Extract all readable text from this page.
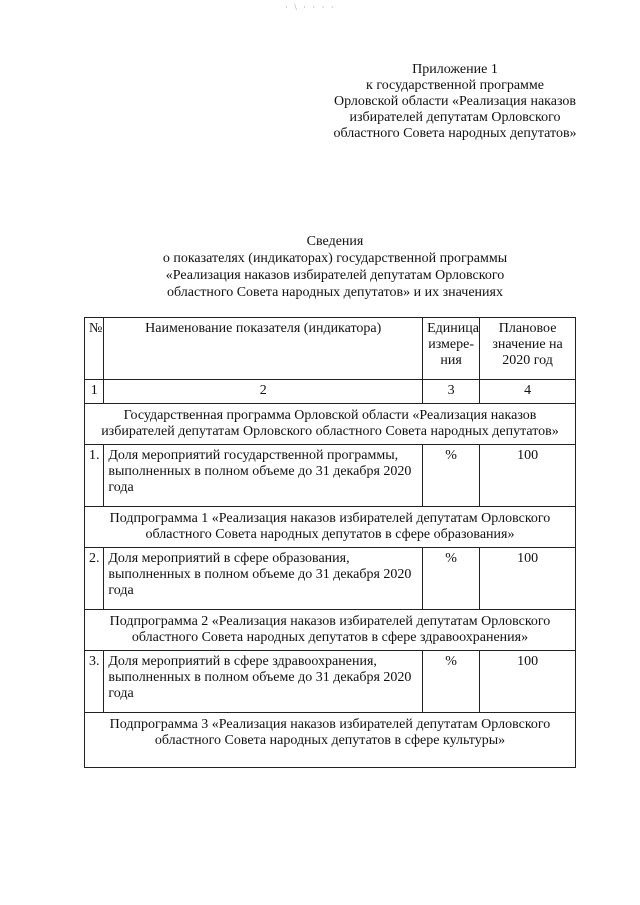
· \ · · · ·
Приложение 1
к государственной программе
Орловской области «Реализация наказов
избирателей депутатам Орловского
областного Совета народных депутатов»
Сведения
о показателях (индикаторах) государственной программы
«Реализация наказов избирателей депутатам Орловского
областного Совета народных депутатов» и их значениях
№	Наименование показателя (индикатора)	Единица измере-ния	Плановое значение на 2020 год
1	2	3	4
Государственная программа Орловской области «Реализация наказов избирателей депутатам Орловского областного Совета народных депутатов»			
1.	Доля мероприятий государственной программы, выполненных в полном объеме до 31 декабря 2020 года	%	100
Подпрограмма 1 «Реализация наказов избирателей депутатам Орловского областного Совета народных депутатов в сфере образования»			
2.	Доля мероприятий в сфере образования, выполненных в полном объеме до 31 декабря 2020 года	%	100
Подпрограмма 2 «Реализация наказов избирателей депутатам Орловского областного Совета народных депутатов в сфере здравоохранения»			
3.	Доля мероприятий в сфере здравоохранения, выполненных в полном объеме до 31 декабря 2020 года	%	100
Подпрограмма 3 «Реализация наказов избирателей депутатам Орловского областного Совета народных депутатов в сфере культуры»			
